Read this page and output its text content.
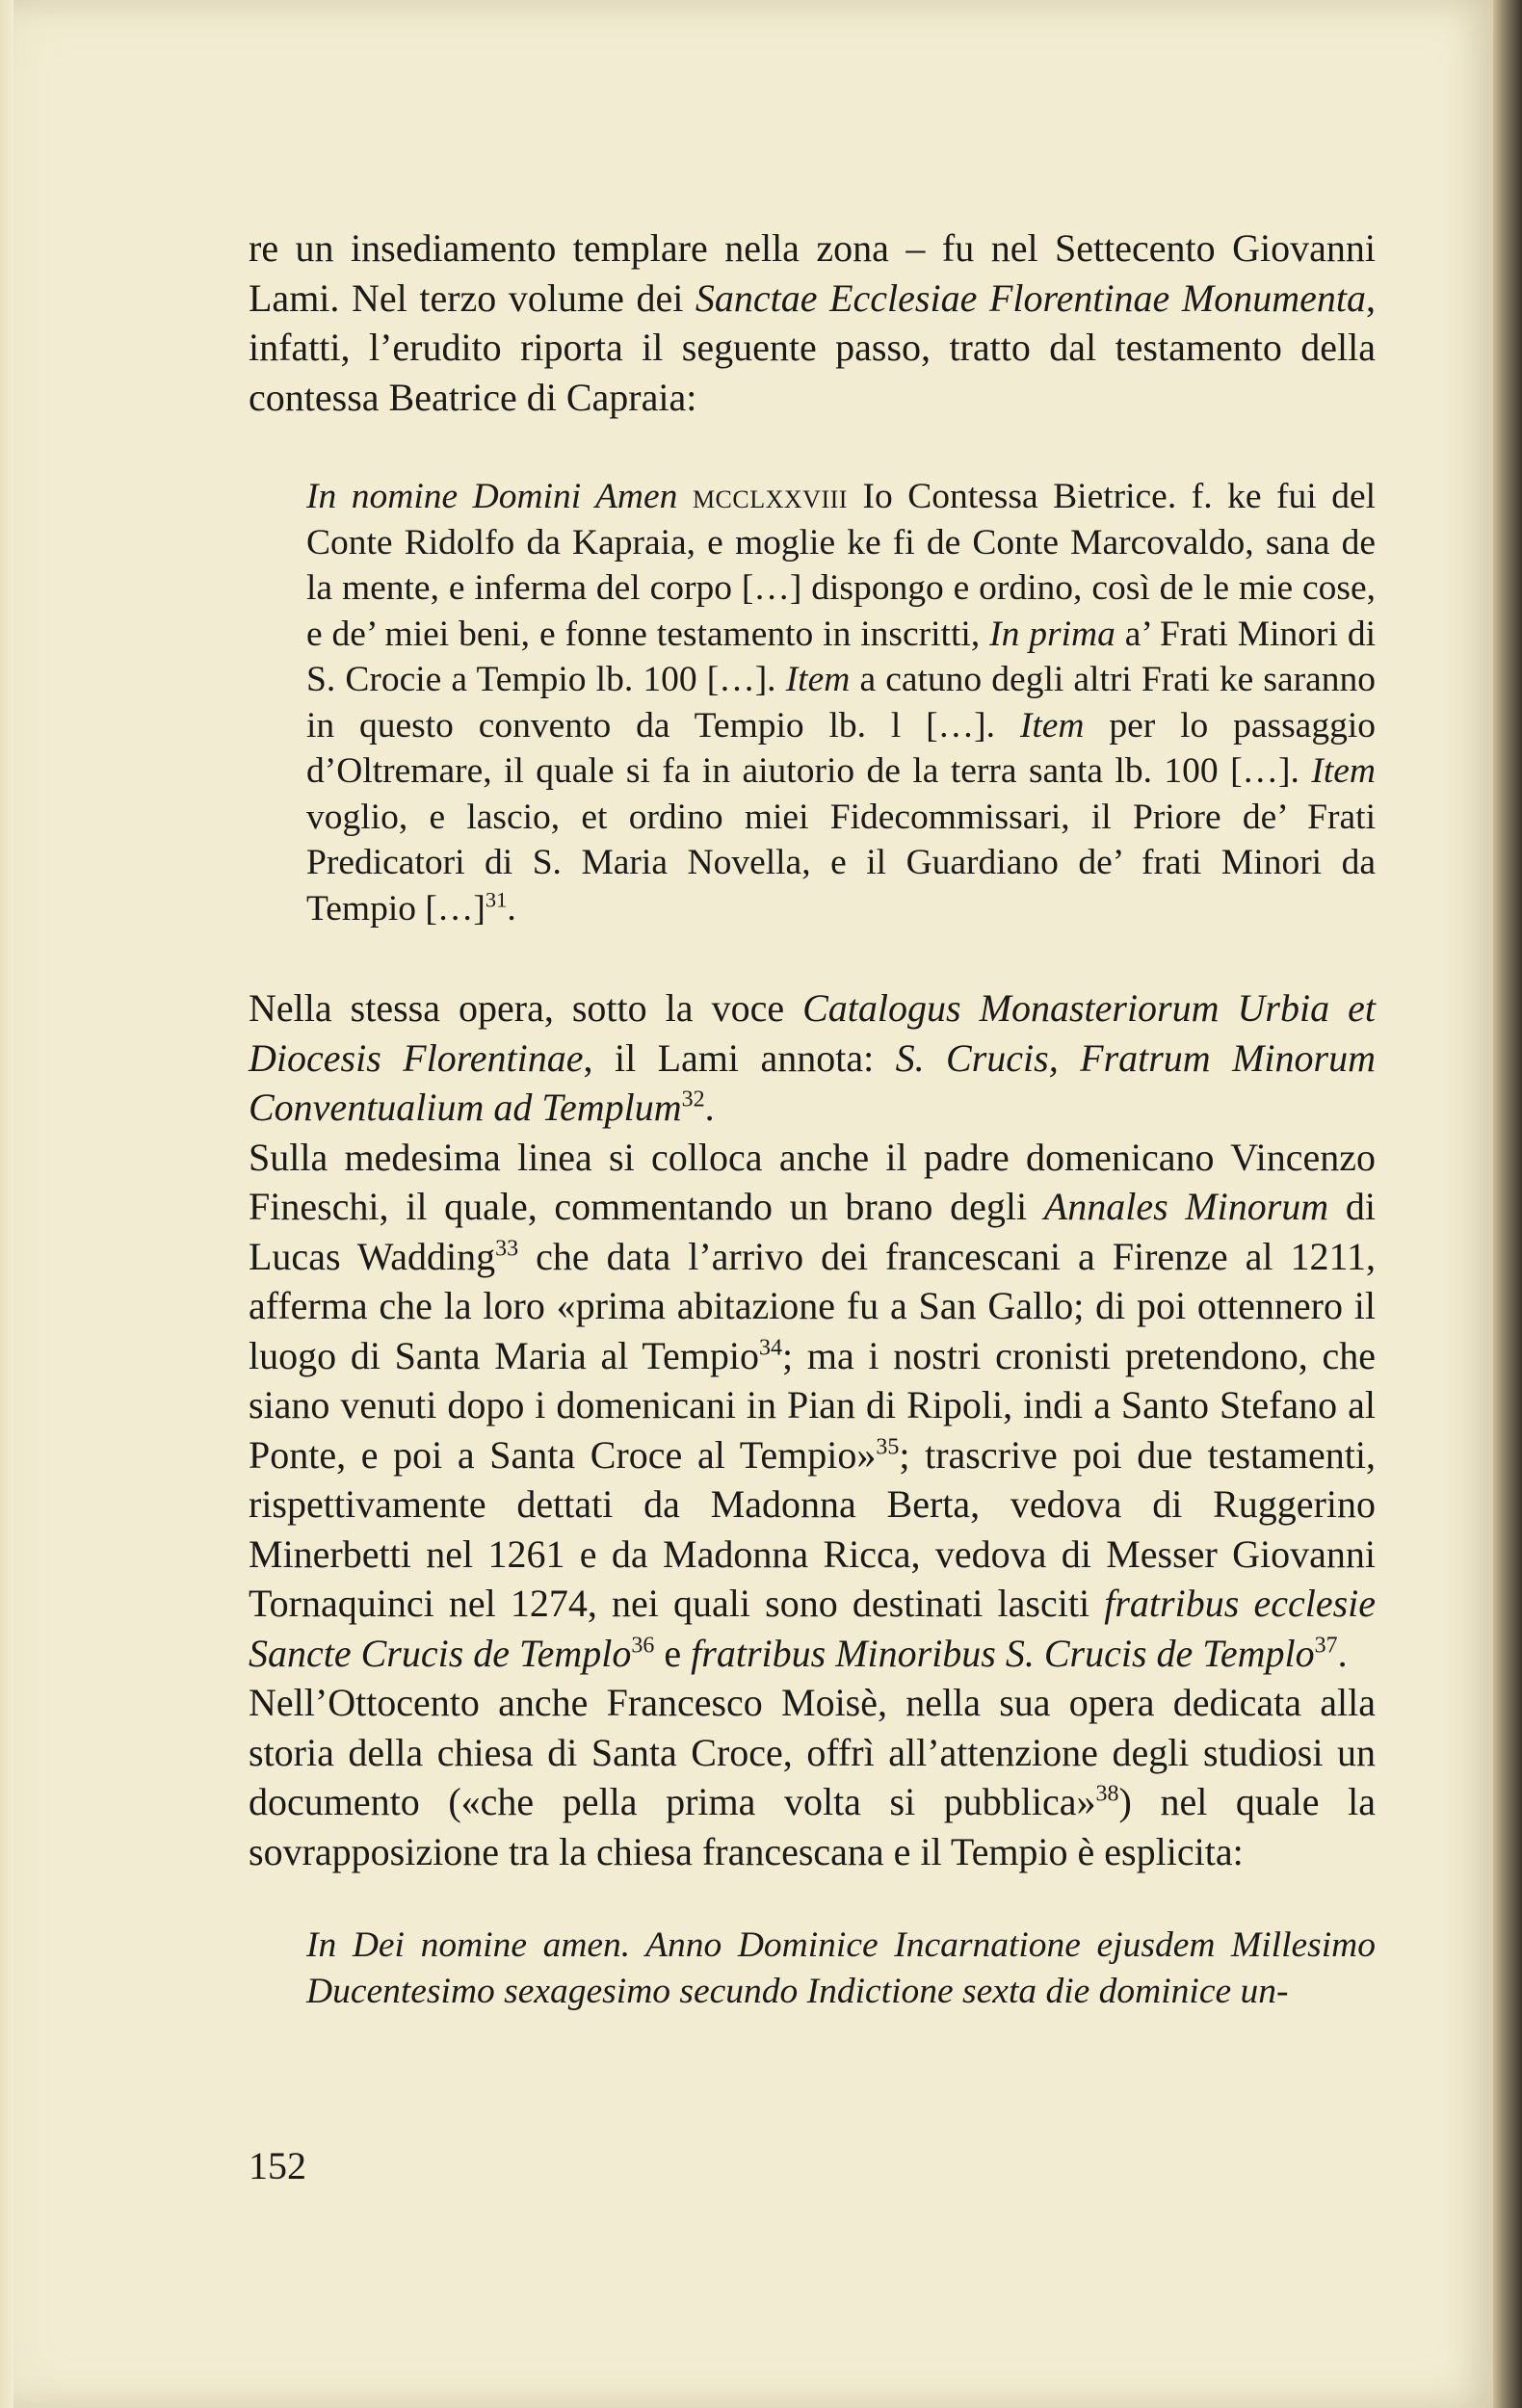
re un insediamento templare nella zona – fu nel Settecento Giovanni Lami. Nel terzo volume dei Sanctae Ecclesiae Florentinae Monumenta, infatti, l’erudito riporta il seguente passo, tratto dal testamento della contessa Beatrice di Capraia:

In nomine Domini Amen mcclxxviii Io Contessa Bietrice. f. ke fui del Conte Ridolfo da Kapraia, e moglie ke fi de Conte Marcovaldo, sana de la mente, e inferma del corpo […] dispongo e ordino, così de le mie cose, e de’ miei beni, e fonne testamento in inscritti, In prima a’ Frati Minori di S. Crocie a Tempio lb. 100 […]. Item a catuno degli altri Frati ke saranno in questo convento da Tempio lb. l […]. Item per lo passaggio d’Oltremare, il quale si fa in aiutorio de la terra santa lb. 100 […]. Item voglio, e lascio, et ordino miei Fidecommissari, il Priore de’ Frati Predicatori di S. Maria Novella, e il Guardiano de’ frati Minori da Tempio […]$^{31}$.

Nella stessa opera, sotto la voce Catalogus Monasteriorum Urbia et Diocesis Florentinae, il Lami annota: S. Crucis, Fratrum Minorum Conventualium ad Templum$^{32}$.

Sulla medesima linea si colloca anche il padre domenicano Vincenzo Fineschi, il quale, commentando un brano degli Annales Minorum di Lucas Wadding$^{33}$ che data l’arrivo dei francescani a Firenze al 1211, afferma che la loro «prima abitazione fu a San Gallo; di poi ottennero il luogo di Santa Maria al Tempio$^{34}$; ma i nostri cronisti pretendono, che siano venuti dopo i domenicani in Pian di Ripoli, indi a Santo Stefano al Ponte, e poi a Santa Croce al Tempio»$^{35}$; trascrive poi due testamenti, rispettivamente dettati da Madonna Berta, vedova di Ruggerino Minerbetti nel 1261 e da Madonna Ricca, vedova di Messer Giovanni Tornaquinci nel 1274, nei quali sono destinati lasciti fratribus ecclesie Sancte Crucis de Templo$^{36}$ e fratribus Minoribus S. Crucis de Templo$^{37}$.

Nell’Ottocento anche Francesco Moisè, nella sua opera dedicata alla storia della chiesa di Santa Croce, offrì all’attenzione degli studiosi un documento («che pella prima volta si pubblica»$^{38}$) nel quale la sovrapposizione tra la chiesa francescana e il Tempio è esplicita:

In Dei nomine amen. Anno Dominice Incarnatione ejusdem Millesimo Ducentesimo sexagesimo secundo Indictione sexta die dominice un-

152
